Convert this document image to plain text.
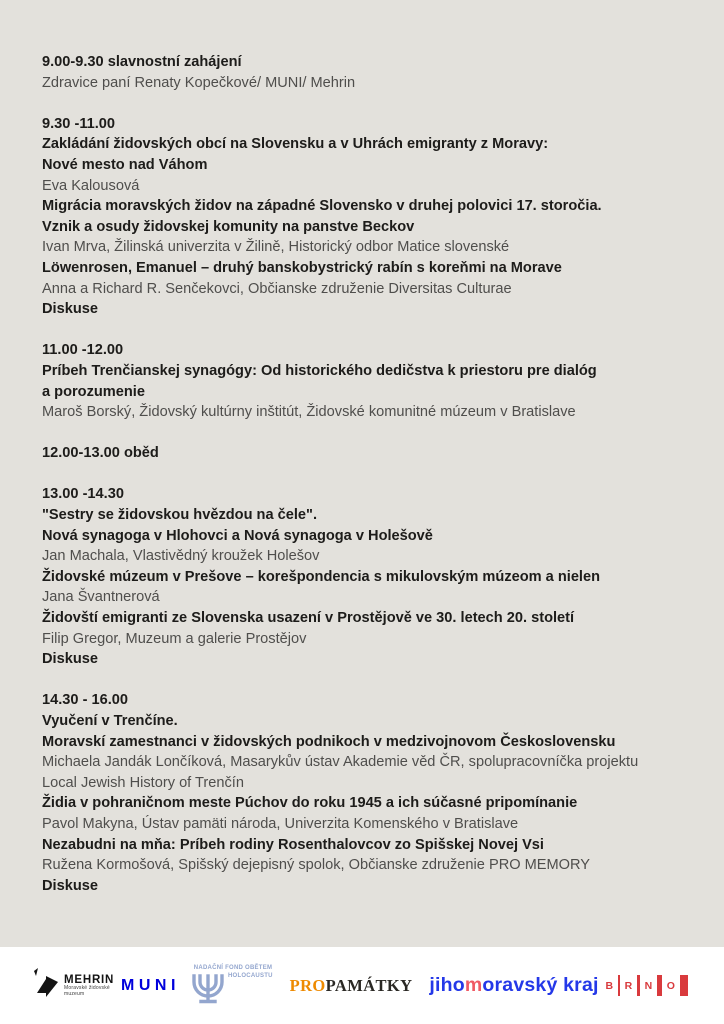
9.00-9.30 slavnostní zahájení
Zdravice paní Renaty Kopečkové/ MUNI/ Mehrin
9.30 -11.00
Zakládání židovských obcí na Slovensku a v Uhrách emigranty z Moravy:
Nové mesto nad Váhom
Eva Kalousová
Migrácia moravských židov na západné Slovensko v druhej polovici 17. storočia.
Vznik a osudy židovskej komunity na panstve Beckov
Ivan Mrva, Žilinská univerzita v Žilině, Historický odbor Matice slovenské
Löwenrosen, Emanuel – druhý banskobystrický rabín s koreňmi na Morave
Anna a Richard R. Senčekovci, Občianske združenie Diversitas Culturae
Diskuse
11.00 -12.00
Príbeh Trenčianskej synagógy: Od historického dedičstva k priestoru pre dialóg
a porozumenie
Maroš Borský, Židovský kultúrny inštitút, Židovské komunitné múzeum v Bratislave
12.00-13.00 oběd
13.00 -14.30
"Sestry se židovskou hvězdou na čele".
Nová synagoga v Hlohovci a Nová synagoga v Holešově
Jan Machala, Vlastivědný kroužek Holešov
Židovské múzeum v Prešove – korešpondencia s mikulovským múzeom a nielen
Jana Švantnerová
Židovští emigranti ze Slovenska usazení v Prostějově ve 30. letech 20. století
Filip Gregor, Muzeum a galerie Prostějov
Diskuse
14.30 - 16.00
Vyučení v Trenčíne.
Moravskí zamestnanci v židovských podnikoch v medzivojnovom Československu
Michaela Jandák Lončíková, Masarykův ústav Akademie věd ČR, spolupracovníčka projektu
Local Jewish History of Trenčín
Židia v pohraničnom meste Púchov do roku 1945 a ich súčasné pripomínanie
Pavol Makyna, Ústav pamäti národa, Univerzita Komenského v Bratislave
Nezabudni na mňa: Príbeh rodiny Rosenthalovcov zo Spišskej Novej Vsi
Ružena Kormošová, Spišský dejepisný spolok, Občianske združenie PRO MEMORY
Diskuse
MEHRIN
Moravské židovské
muzeum	MUNI
NADAČNÍ FOND OBĚTEM
HOLOCAUSTU PROPAMÁTKY jihomoravský kraj B R N O
